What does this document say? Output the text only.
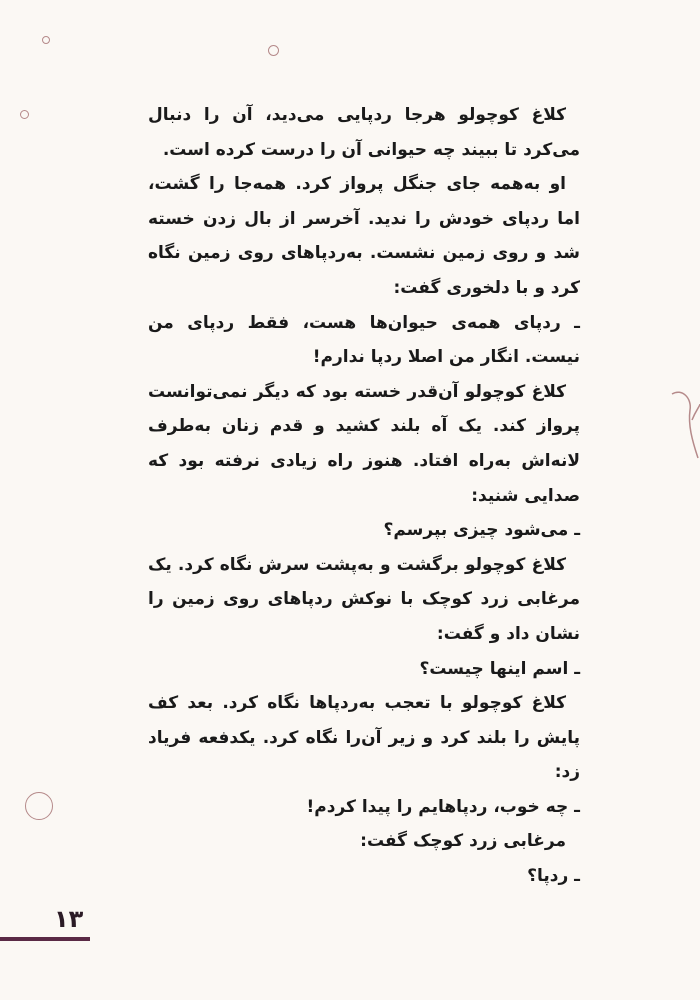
کلاغ کوچولو هرجا ردپایی می‌دید، آن را دنبال می‌کرد تا ببیند چه حیوانی آن را درست کرده است.

او به‌همه جای جنگل پرواز کرد. همه‌جا را گشت، اما ردپای خودش را ندید. آخرسر از بال زدن خسته شد و روی زمین نشست. به‌ردپاهای روی زمین نگاه کرد و با دلخوری گفت:

ـ ردپای همه‌ی حیوان‌ها هست، فقط ردپای من نیست. انگار من اصلا ردپا ندارم!

کلاغ کوچولو آن‌قدر خسته بود که دیگر نمی‌توانست پرواز کند. یک آه بلند کشید و قدم زنان به‌طرف لانه‌اش به‌راه افتاد. هنوز راه زیادی نرفته بود که صدایی شنید:

ـ می‌شود چیزی بپرسم؟

کلاغ کوچولو برگشت و به‌پشت سرش نگاه کرد. یک مرغابی زرد کوچک با نوکش ردپاهای روی زمین را نشان داد و گفت:

ـ اسم اینها چیست؟

کلاغ کوچولو با تعجب به‌ردپاها نگاه کرد. بعد کف پایش را بلند کرد و زیر آن‌را نگاه کرد. یکدفعه فریاد زد:

ـ چه خوب، ردپاهایم را پیدا کردم!

مرغابی زرد کوچک گفت:

ـ ردپا؟

۱۳
